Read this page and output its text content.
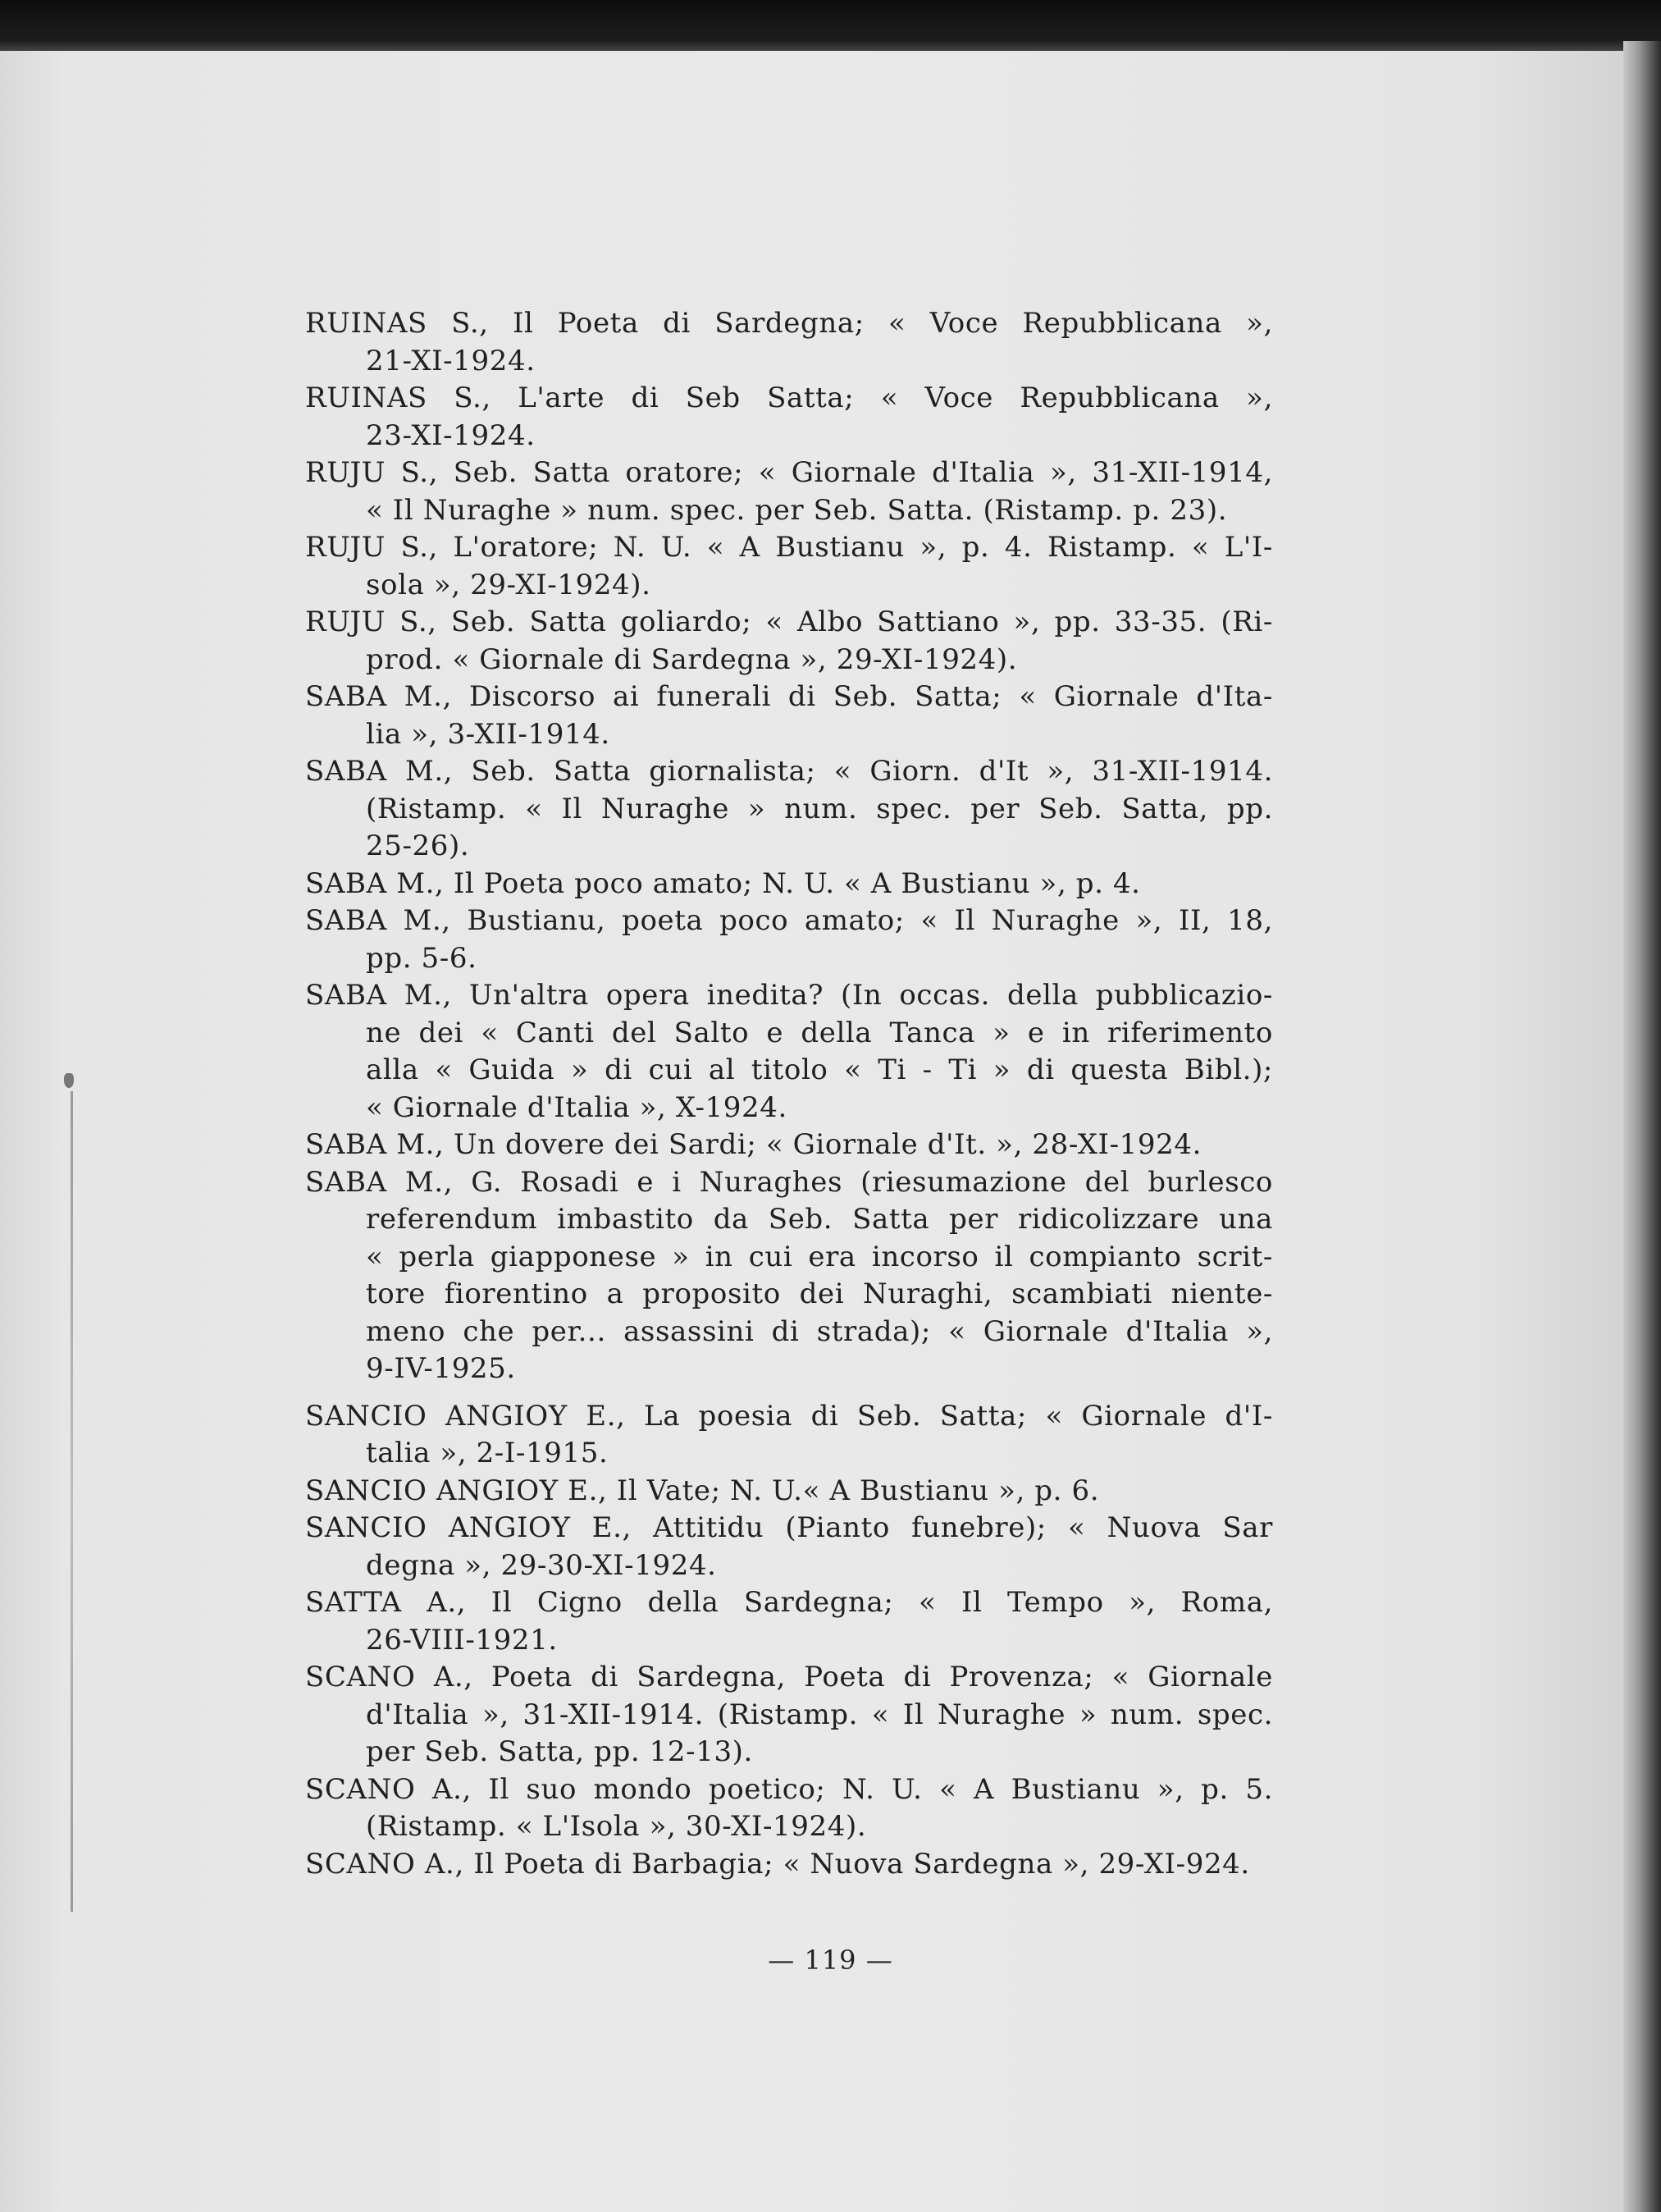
RUINAS S., Il Poeta di Sardegna; « Voce Repubblicana »,
21-XI-1924.
RUINAS S., L'arte di Seb Satta; « Voce Repubblicana »,
23-XI-1924.
RUJU S., Seb. Satta oratore; « Giornale d'Italia », 31-XII-1914,
« Il Nuraghe » num. spec. per Seb. Satta. (Ristamp. p. 23).
RUJU S., L'oratore; N. U. « A Bustianu », p. 4. Ristamp. « L'I-
sola », 29-XI-1924).
RUJU S., Seb. Satta goliardo; « Albo Sattiano », pp. 33-35. (Ri-
prod. « Giornale di Sardegna », 29-XI-1924).
SABA M., Discorso ai funerali di Seb. Satta; « Giornale d'Ita-
lia », 3-XII-1914.
SABA M., Seb. Satta giornalista; « Giorn. d'It », 31-XII-1914.
(Ristamp. « Il Nuraghe » num. spec. per Seb. Satta, pp.
25-26).
SABA M., Il Poeta poco amato; N. U. « A Bustianu », p. 4.
SABA M., Bustianu, poeta poco amato; « Il Nuraghe », II, 18,
pp. 5-6.
SABA M., Un'altra opera inedita? (In occas. della pubblicazio-
ne dei « Canti del Salto e della Tanca » e in riferimento
alla « Guida » di cui al titolo « Ti - Ti » di questa Bibl.);
« Giornale d'Italia », X-1924.
SABA M., Un dovere dei Sardi; « Giornale d'It. », 28-XI-1924.
SABA M., G. Rosadi e i Nuraghes (riesumazione del burlesco
referendum imbastito da Seb. Satta per ridicolizzare una
« perla giapponese » in cui era incorso il compianto scrit-
tore fiorentino a proposito dei Nuraghi, scambiati niente-
meno che per... assassini di strada); « Giornale d'Italia »,
9-IV-1925.
SANCIO ANGIOY E., La poesia di Seb. Satta; « Giornale d'I-
talia », 2-I-1915.
SANCIO ANGIOY E., Il Vate; N. U.« A Bustianu », p. 6.
SANCIO ANGIOY E., Attitidu (Pianto funebre); « Nuova Sar
degna », 29-30-XI-1924.
SATTA A., Il Cigno della Sardegna; « Il Tempo », Roma,
26-VIII-1921.
SCANO A., Poeta di Sardegna, Poeta di Provenza; « Giornale
d'Italia », 31-XII-1914. (Ristamp. « Il Nuraghe » num. spec.
per Seb. Satta, pp. 12-13).
SCANO A., Il suo mondo poetico; N. U. « A Bustianu », p. 5.
(Ristamp. « L'Isola », 30-XI-1924).
SCANO A., Il Poeta di Barbagia; « Nuova Sardegna », 29-XI-924.
— 119 —
